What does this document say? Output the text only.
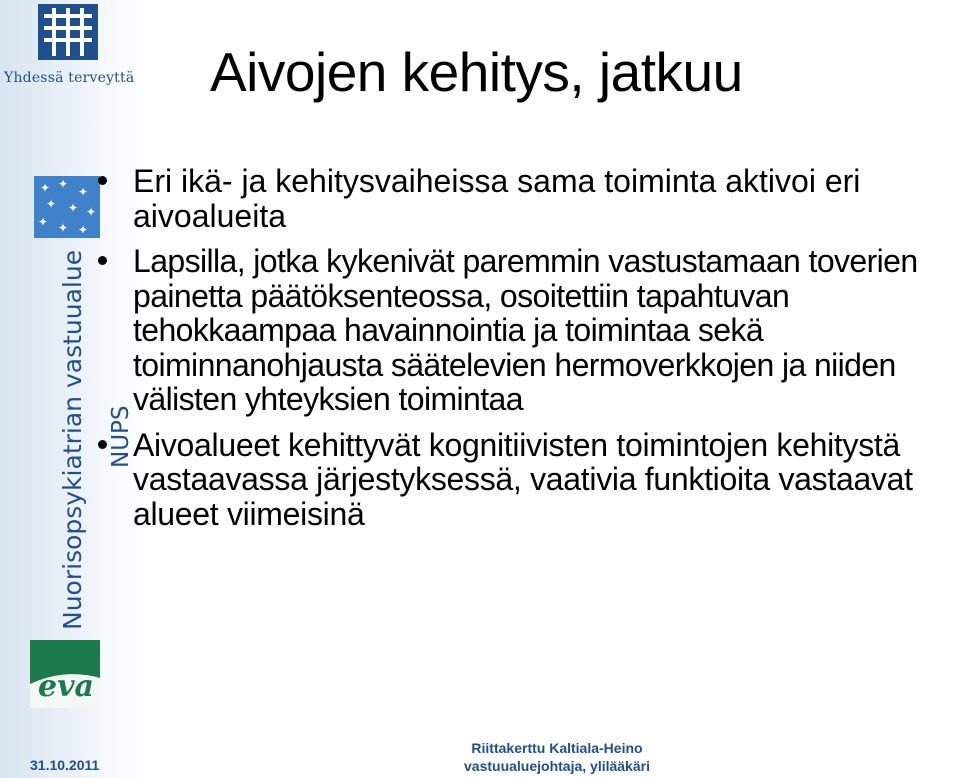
Yhdessä terveyttä
✦ ✦
✦
✦ ✦ ✦
✦ ✦ ✦
Nuorisopsykiatrian vastuualue NUPS
eva
Aivojen kehitys, jatkuu
Eri ikä- ja kehitysvaiheissa sama toiminta aktivoi eri aivoalueita
Lapsilla, jotka kykenivät paremmin vastustamaan toverien painetta päätöksenteossa, osoitettiin tapahtuvan tehokkaampaa havainnointia ja toimintaa sekä toiminnanohjausta säätelevien hermoverkkojen ja niiden välisten yhteyksien toimintaa
Aivoalueet kehittyvät kognitiivisten toimintojen kehitystä vastaavassa järjestyksessä, vaativia funktioita vastaavat alueet viimeisinä
31.10.2011
Riittakerttu Kaltiala-Heino
vastuualuejohtaja, ylilääkäri
